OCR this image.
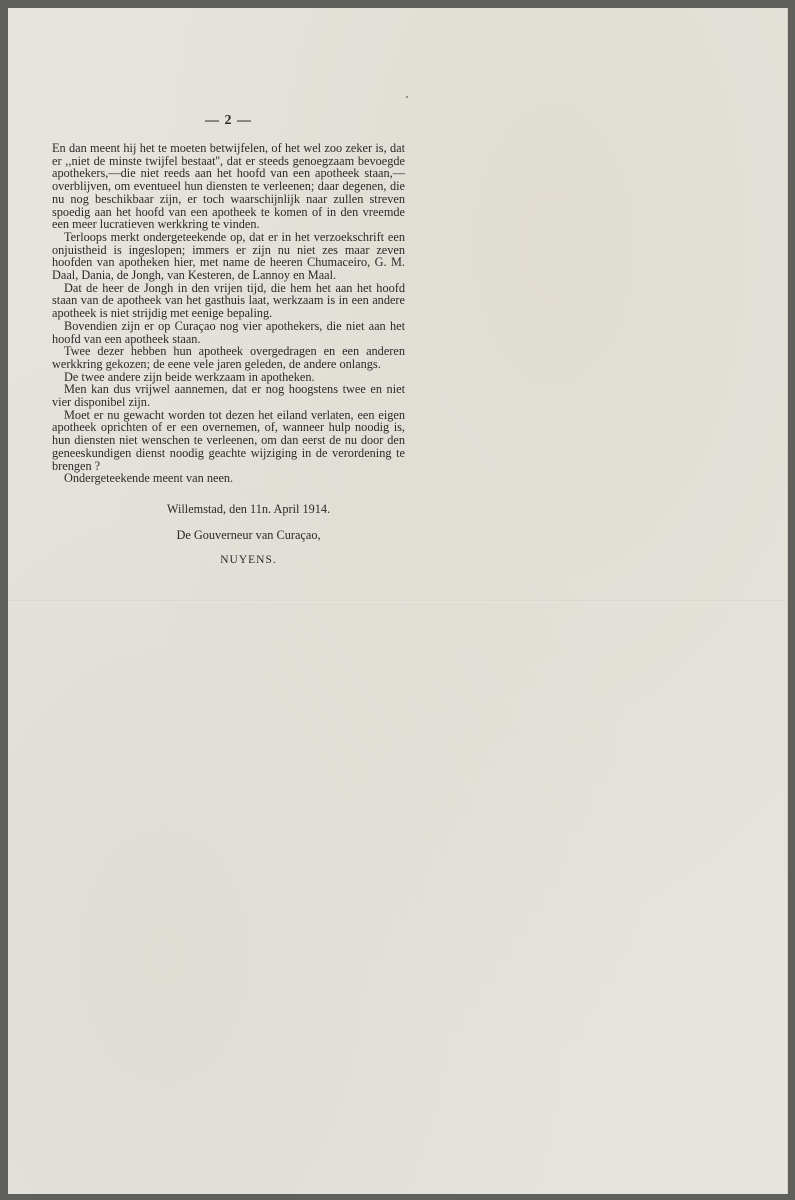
— 2 —

En dan meent hij het te moeten betwijfelen, of het wel zoo zeker is, dat er ,,niet de minste twijfel bestaat'', dat er steeds genoegzaam bevoegde apothekers,—die niet reeds aan het hoofd van een apotheek staan,—overblijven, om eventueel hun diensten te verleenen; daar degenen, die nu nog beschikbaar zijn, er toch waarschijnlijk naar zullen streven spoedig aan het hoofd van een apotheek te komen of in den vreemde een meer lucratieven werkkring te vinden.

Terloops merkt ondergeteekende op, dat er in het verzoekschrift een onjuistheid is ingeslopen; immers er zijn nu niet zes maar zeven hoofden van apotheken hier, met name de heeren Chumaceiro, G. M. Daal, Dania, de Jongh, van Kesteren, de Lannoy en Maal.

Dat de heer de Jongh in den vrijen tijd, die hem het aan het hoofd staan van de apotheek van het gasthuis laat, werkzaam is in een andere apotheek is niet strijdig met eenige bepaling.

Bovendien zijn er op Curaçao nog vier apothekers, die niet aan het hoofd van een apotheek staan.

Twee dezer hebben hun apotheek overgedragen en een anderen werkkring gekozen; de eene vele jaren geleden, de andere onlangs.

De twee andere zijn beide werkzaam in apotheken.

Men kan dus vrijwel aannemen, dat er nog hoogstens twee en niet vier disponibel zijn.

Moet er nu gewacht worden tot dezen het eiland verlaten, een eigen apotheek oprichten of er een overnemen, of, wanneer hulp noodig is, hun diensten niet wenschen te verleenen, om dan eerst de nu door den geneeskundigen dienst noodig geachte wijziging in de verordening te brengen ?

Ondergeteekende meent van neen.

Willemstad, den 11n. April 1914.

De Gouverneur van Curaçao,

NUYENS.
